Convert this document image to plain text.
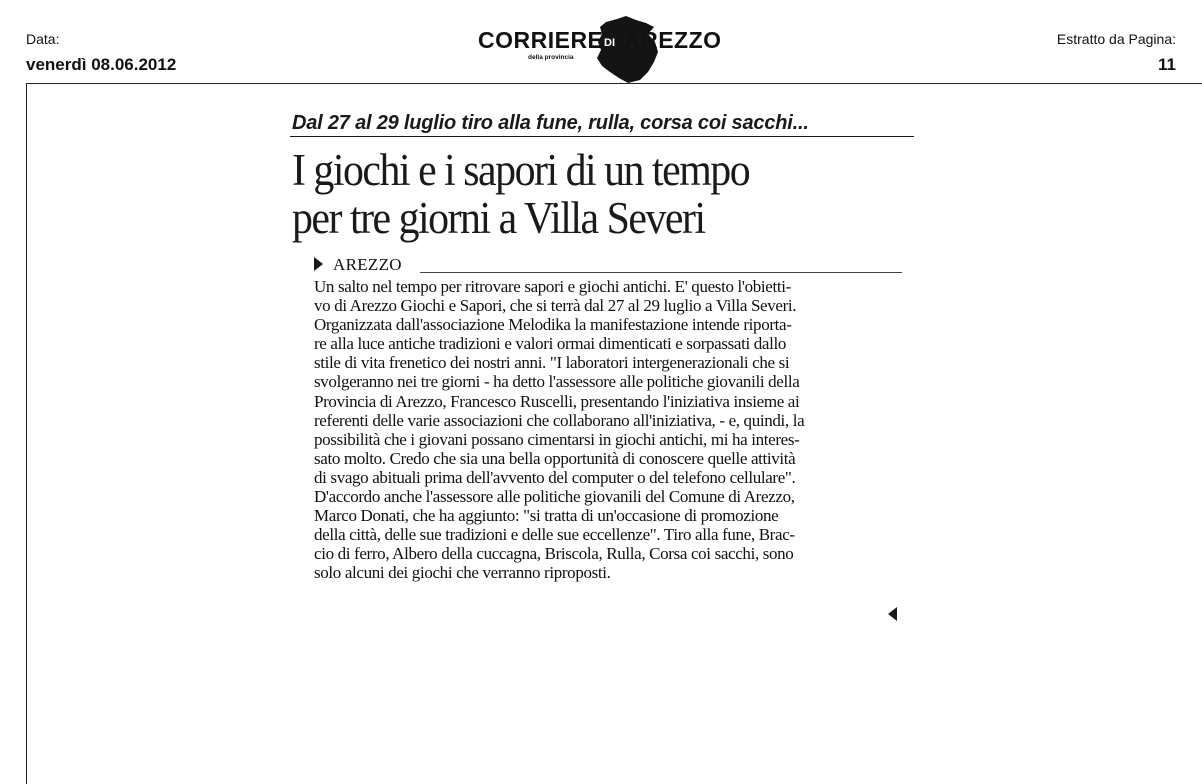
Data:
venerdì 08.06.2012
Estratto da Pagina:
11
CORRIERE DI AREZZO
della provincia
Dal 27 al 29 luglio tiro alla fune, rulla, corsa coi sacchi...
I giochi e i sapori di un tempo
per tre giorni a Villa Severi
AREZZO
Un salto nel tempo per ritrovare sapori e giochi antichi. E' questo l'obietti-
vo di Arezzo Giochi e Sapori, che si terrà dal 27 al 29 luglio a Villa Severi.
Organizzata dall'associazione Melodika la manifestazione intende riporta-
re alla luce antiche tradizioni e valori ormai dimenticati e sorpassati dallo
stile di vita frenetico dei nostri anni. "I laboratori intergenerazionali che si
svolgeranno nei tre giorni - ha detto l'assessore alle politiche giovanili della
Provincia di Arezzo, Francesco Ruscelli, presentando l'iniziativa insieme ai
referenti delle varie associazioni che collaborano all'iniziativa, - e, quindi, la
possibilità che i giovani possano cimentarsi in giochi antichi, mi ha interes-
sato molto. Credo che sia una bella opportunità di conoscere quelle attività
di svago abituali prima dell'avvento del computer o del telefono cellulare".
D'accordo anche l'assessore alle politiche giovanili del Comune di Arezzo,
Marco Donati, che ha aggiunto: "si tratta di un'occasione di promozione
della città, delle sue tradizioni e delle sue eccellenze". Tiro alla fune, Brac-
cio di ferro, Albero della cuccagna, Briscola, Rulla, Corsa coi sacchi, sono
solo alcuni dei giochi che verranno riproposti.
